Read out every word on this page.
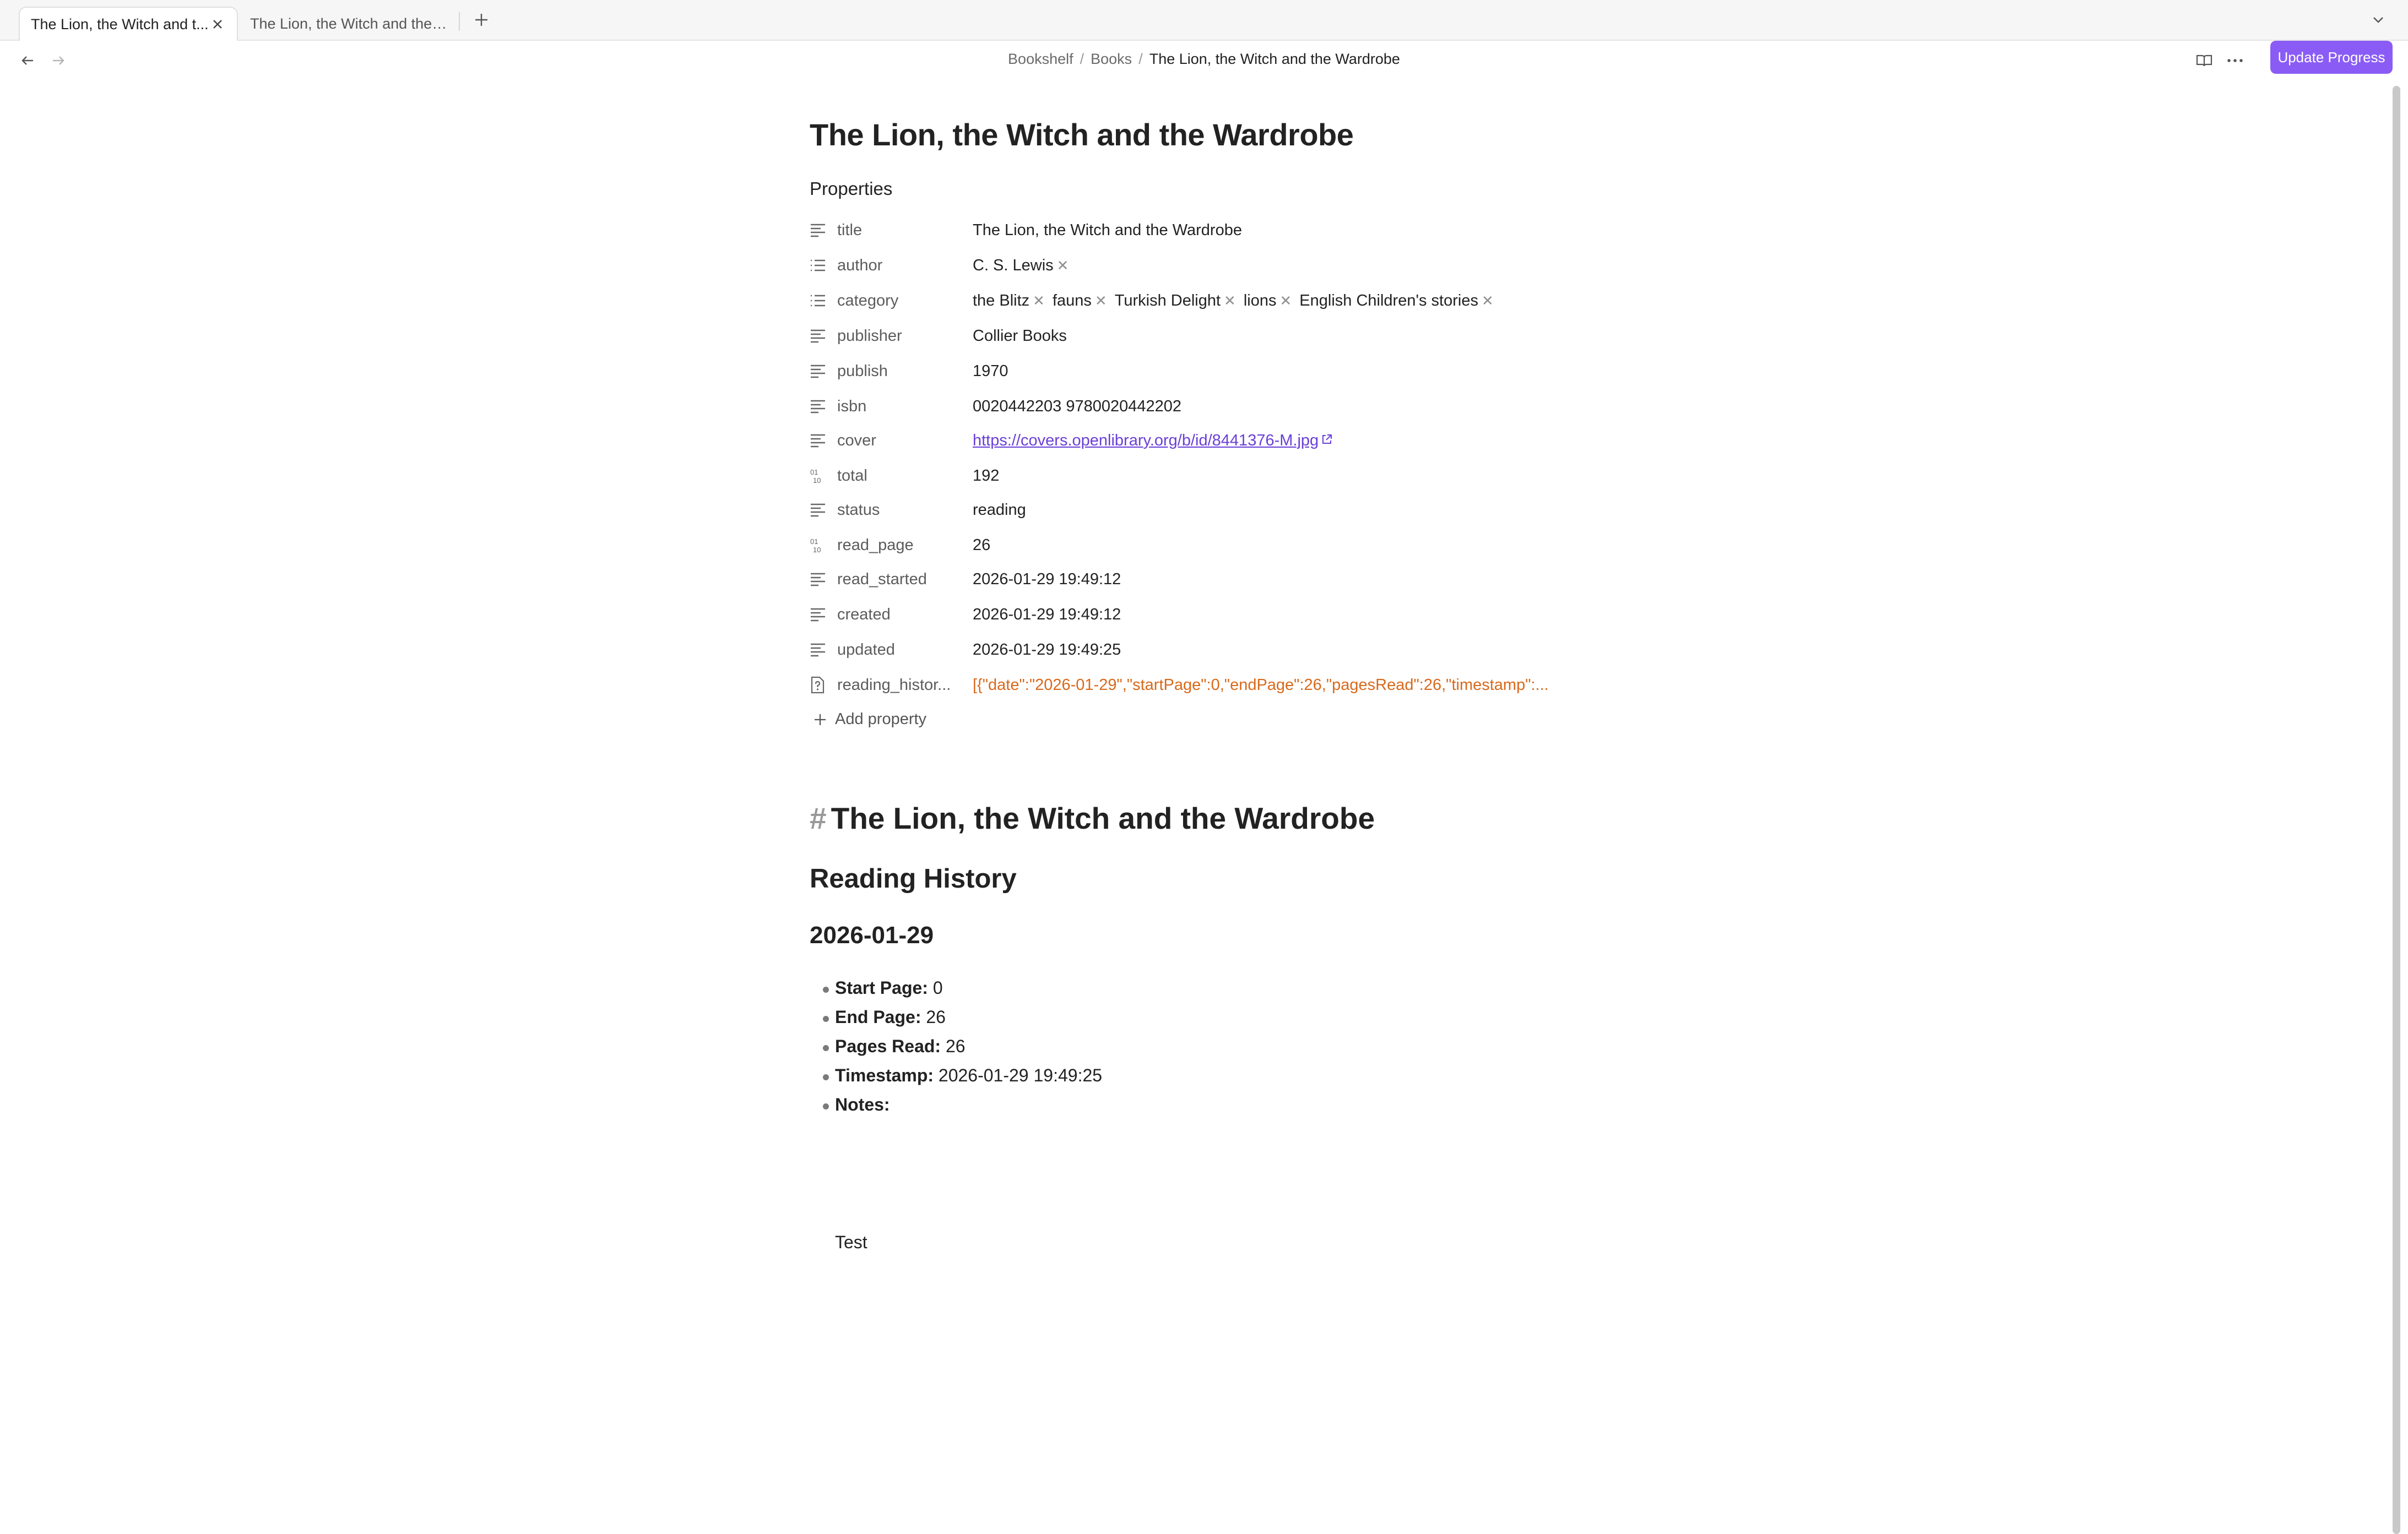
The Lion, the Witch and t...	The Lion, the Witch and the ...
Bookshelf / Books / The Lion, the Witch and the Wardrobe	Update Progress
The Lion, the Witch and the Wardrobe
Properties
title	The Lion, the Witch and the Wardrobe
author	C. S. Lewis ✕
category	the Blitz ✕ fauns ✕ Turkish Delight ✕ lions ✕ English Children's stories ✕
publisher	Collier Books
publish	1970
isbn	0020442203 9780020442202
cover	https://covers.openlibrary.org/b/id/8441376-M.jpg
01
10 total	192
status	reading
01
10 read_page	26
read_started	2026-01-29 19:49:12
created	2026-01-29 19:49:12
updated	2026-01-29 19:49:25
reading_histor... [{"date":"2026-01-29","startPage":0,"endPage":26,"pagesRead":26,"timestamp":...
Add property
# The Lion, the Witch and the Wardrobe
Reading History
2026-01-29
Start Page: 0
End Page: 26
Pages Read: 26
Timestamp: 2026-01-29 19:49:25
Notes:
Test
